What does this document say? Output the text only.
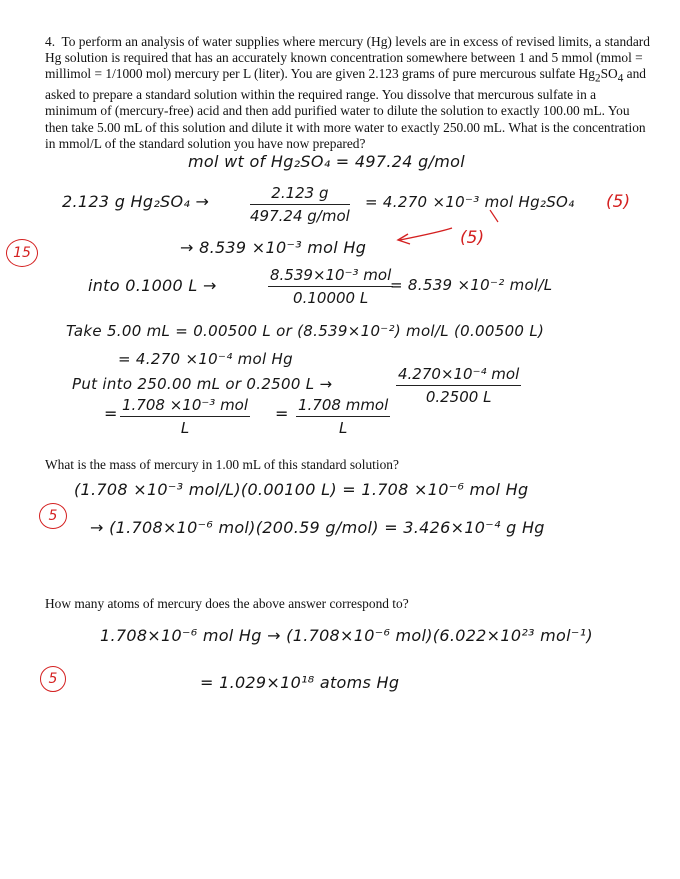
4. To perform an analysis of water supplies where mercury (Hg) levels are in excess of revised limits, a standard Hg solution is required that has an accurately known concentration somewhere between 1 and 5 mmol (mmol = millimol = 1/1000 mol) mercury per L (liter). You are given 2.123 grams of pure mercurous sulfate $Hg_2SO_4$ and asked to prepare a standard solution within the required range. You dissolve that mercurous sulfate in a minimum of (mercury-free) acid and then add purified water to dilute the solution to exactly 100.00 mL. You then take 5.00 mL of this solution and dilute it with more water to exactly 250.00 mL. What is the concentration in mmol/L of the standard solution you have now prepared?

mol wt of Hg₂SO₄ = 497.24 g/mol
2.123 g Hg₂SO₄ →	2.123 g
497.24 g/mol
= 4.270 ×10⁻³ mol Hg₂SO₄
→ 8.539 ×10⁻³ mol Hg
into 0.1000 L →
8.539×10⁻³ mol
0.10000 L
= 8.539 ×10⁻² mol/L
Take 5.00 mL = 0.00500 L or (8.539×10⁻²) mol/L (0.00500 L)
= 4.270 ×10⁻⁴ mol Hg
Put into 250.00 mL or 0.2500 L →
4.270×10⁻⁴ mol
0.2500 L
= 1.708 ×10⁻³ mol
L
= 1.708 mmol
L

What is the mass of mercury in 1.00 mL of this standard solution?

(1.708 ×10⁻³ mol/L)(0.00100 L) = 1.708 ×10⁻⁶ mol Hg
→ (1.708×10⁻⁶ mol)(200.59 g/mol) = 3.426×10⁻⁴ g Hg

How many atoms of mercury does the above answer correspond to?

1.708×10⁻⁶ mol Hg → (1.708×10⁻⁶ mol)(6.022×10²³ mol⁻¹)
= 1.029×10¹⁸ atoms Hg
15
(5)
(5)
5
5
